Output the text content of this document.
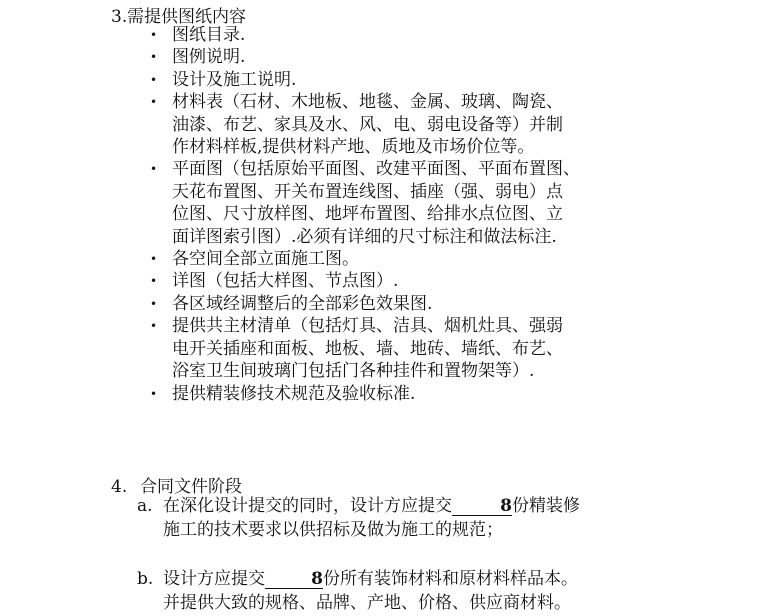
3.需提供图纸内容
• 图纸目录.
• 图例说明.
• 设计及施工说明.
• 材料表（石材、木地板、地毯、金属、玻璃、陶瓷、
油漆、布艺、家具及水、风、电、弱电设备等）并制
作材料样板,提供材料产地、质地及市场价位等。
• 平面图（包括原始平面图、改建平面图、平面布置图、
天花布置图、开关布置连线图、插座（强、弱电）点
位图、尺寸放样图、地坪布置图、给排水点位图、立
面详图索引图）.必须有详细的尺寸标注和做法标注.
• 各空间全部立面施工图。
• 详图（包括大样图、节点图）.
• 各区域经调整后的全部彩色效果图.
• 提供共主材清单（包括灯具、洁具、烟机灶具、强弱
电开关插座和面板、地板、墙、地砖、墙纸、布艺、
浴室卫生间玻璃门包括门各种挂件和置物架等）.
• 提供精装修技术规范及验收标准.
4. 合同文件阶段
a. 在深化设计提交的同时，设计方应提交	8份精装修
施工的技术要求以供招标及做为施工的规范；
b. 设计方应提交	8份所有装饰材料和原材料样品本。
并提供大致的规格、品牌、产地、价格、供应商材料。
